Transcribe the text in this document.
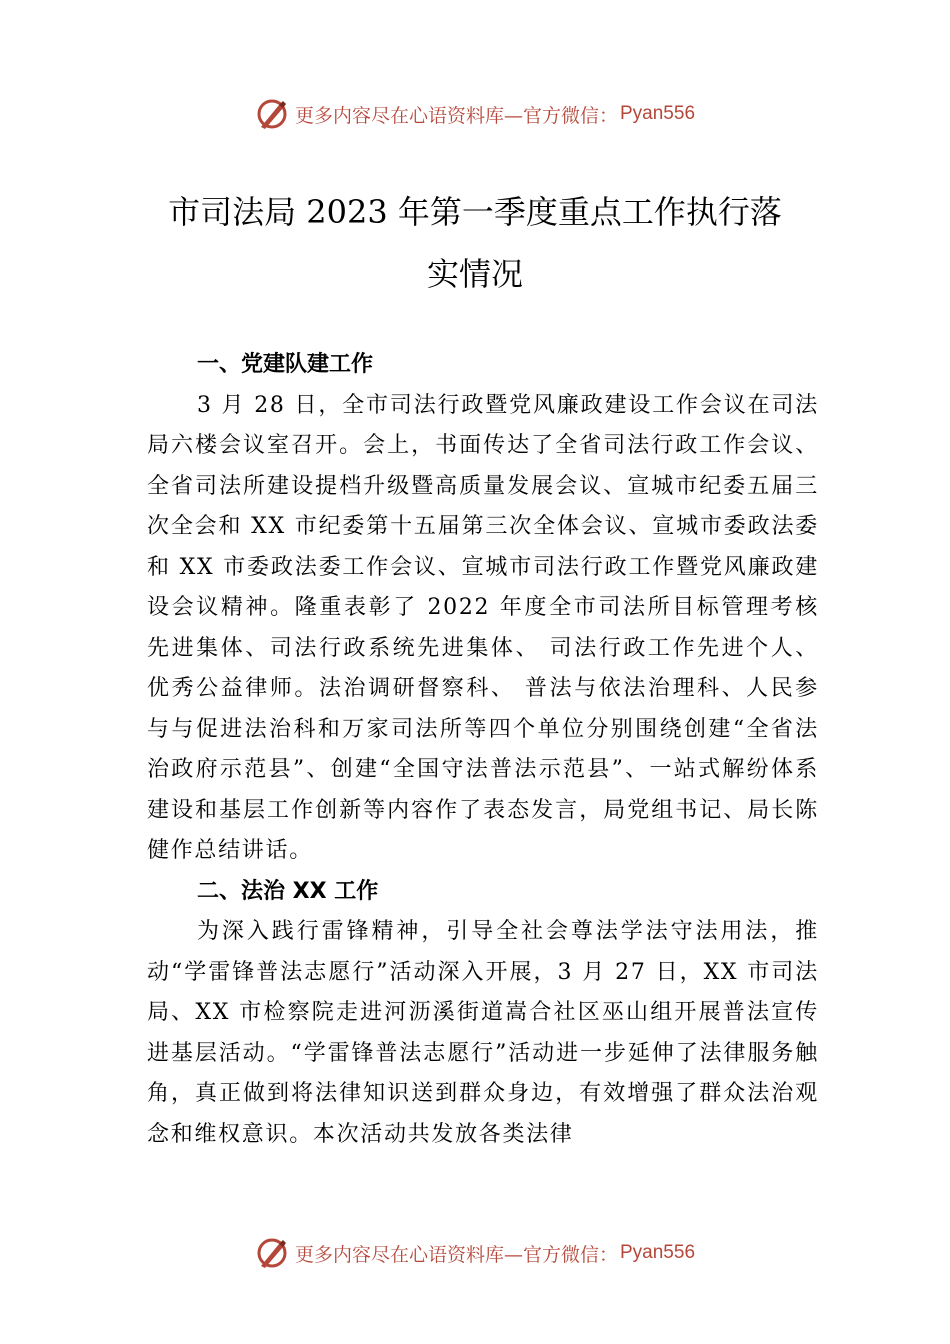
更多内容尽在心语资料库—官方微信： Pyan556
市司法局 2023 年第一季度重点工作执行落
实情况

一、党建队建工作

3 月 28 日，全市司法行政暨党风廉政建设工作会议在司法局六楼会议室召开。会上，书面传达了全省司法行政工作会议、全省司法所建设提档升级暨高质量发展会议、宣城市纪委五届三次全会和 XX 市纪委第十五届第三次全体会议、宣城市委政法委和 XX 市委政法委工作会议、宣城市司法行政工作暨党风廉政建设会议精神。隆重表彰了 2022 年度全市司法所目标管理考核先进集体、司法行政系统先进集体、 司法行政工作先进个人、优秀公益律师。法治调研督察科、 普法与依法治理科、人民参与与促进法治科和万家司法所等四个单位分别围绕创建“全省法治政府示范县”、创建“全国守法普法示范县”、一站式解纷体系建设和基层工作创新等内容作了表态发言，局党组书记、局长陈健作总结讲话。

二、法治 XX 工作

为深入践行雷锋精神，引导全社会尊法学法守法用法，推动“学雷锋普法志愿行”活动深入开展，3 月 27 日，XX 市司法局、XX 市检察院走进河沥溪街道嵩合社区巫山组开展普法宣传进基层活动。“学雷锋普法志愿行”活动进一步延伸了法律服务触角，真正做到将法律知识送到群众身边，有效增强了群众法治观念和维权意识。本次活动共发放各类法律

更多内容尽在心语资料库—官方微信： Pyan556
